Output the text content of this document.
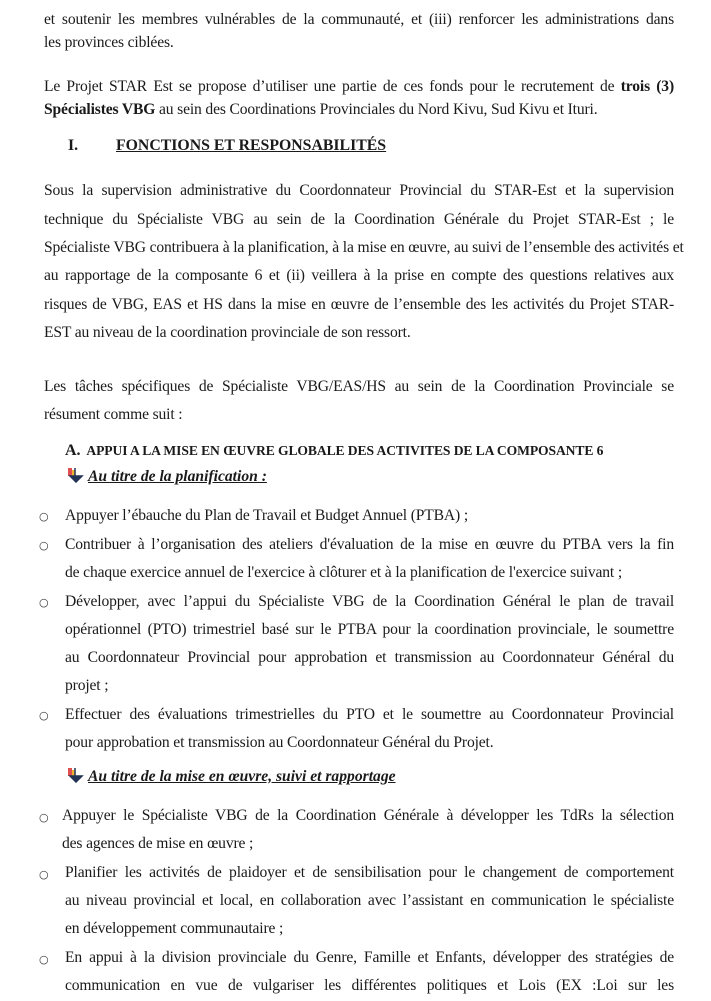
et soutenir les membres vulnérables de la communauté, et (iii) renforcer les administrations dans
les provinces ciblées.
Le Projet STAR Est se propose d’utiliser une partie de ces fonds pour le recrutement de trois (3)
Spécialistes VBG au sein des Coordinations Provinciales du Nord Kivu, Sud Kivu et Ituri.
I. FONCTIONS ET RESPONSABILITÉS
Sous la supervision administrative du Coordonnateur Provincial du STAR-Est et la supervision
technique du Spécialiste VBG au sein de la Coordination Générale du Projet STAR-Est ; le
Spécialiste VBG contribuera à la planification, à la mise en œuvre, au suivi de l’ensemble des activités et
au rapportage de la composante 6 et (ii) veillera à la prise en compte des questions relatives aux
risques de VBG, EAS et HS dans la mise en œuvre de l’ensemble des les activités du Projet STAR-
EST au niveau de la coordination provinciale de son ressort.
Les tâches spécifiques de Spécialiste VBG/EAS/HS au sein de la Coordination Provinciale se
résument comme suit :
A. APPUI A LA MISE EN ŒUVRE GLOBALE DES ACTIVITES DE LA COMPOSANTE 6
Au titre de la planification :
○ Appuyer l’ébauche du Plan de Travail et Budget Annuel (PTBA) ;
○ Contribuer à l’organisation des ateliers d'évaluation de la mise en œuvre du PTBA vers la fin
de chaque exercice annuel de l'exercice à clôturer et à la planification de l'exercice suivant ;
○ Développer, avec l’appui du Spécialiste VBG de la Coordination Général le plan de travail
opérationnel (PTO) trimestriel basé sur le PTBA pour la coordination provinciale, le soumettre
au Coordonnateur Provincial pour approbation et transmission au Coordonnateur Général du
projet ;
○ Effectuer des évaluations trimestrielles du PTO et le soumettre au Coordonnateur Provincial
pour approbation et transmission au Coordonnateur Général du Projet.
Au titre de la mise en œuvre, suivi et rapportage
○ Appuyer le Spécialiste VBG de la Coordination Générale à développer les TdRs la sélection
des agences de mise en œuvre ;
○ Planifier les activités de plaidoyer et de sensibilisation pour le changement de comportement
au niveau provincial et local, en collaboration avec l’assistant en communication le spécialiste
en développement communautaire ;
○ En appui à la division provinciale du Genre, Famille et Enfants, développer des stratégies de
communication en vue de vulgariser les différentes politiques et Lois (EX :Loi sur les
